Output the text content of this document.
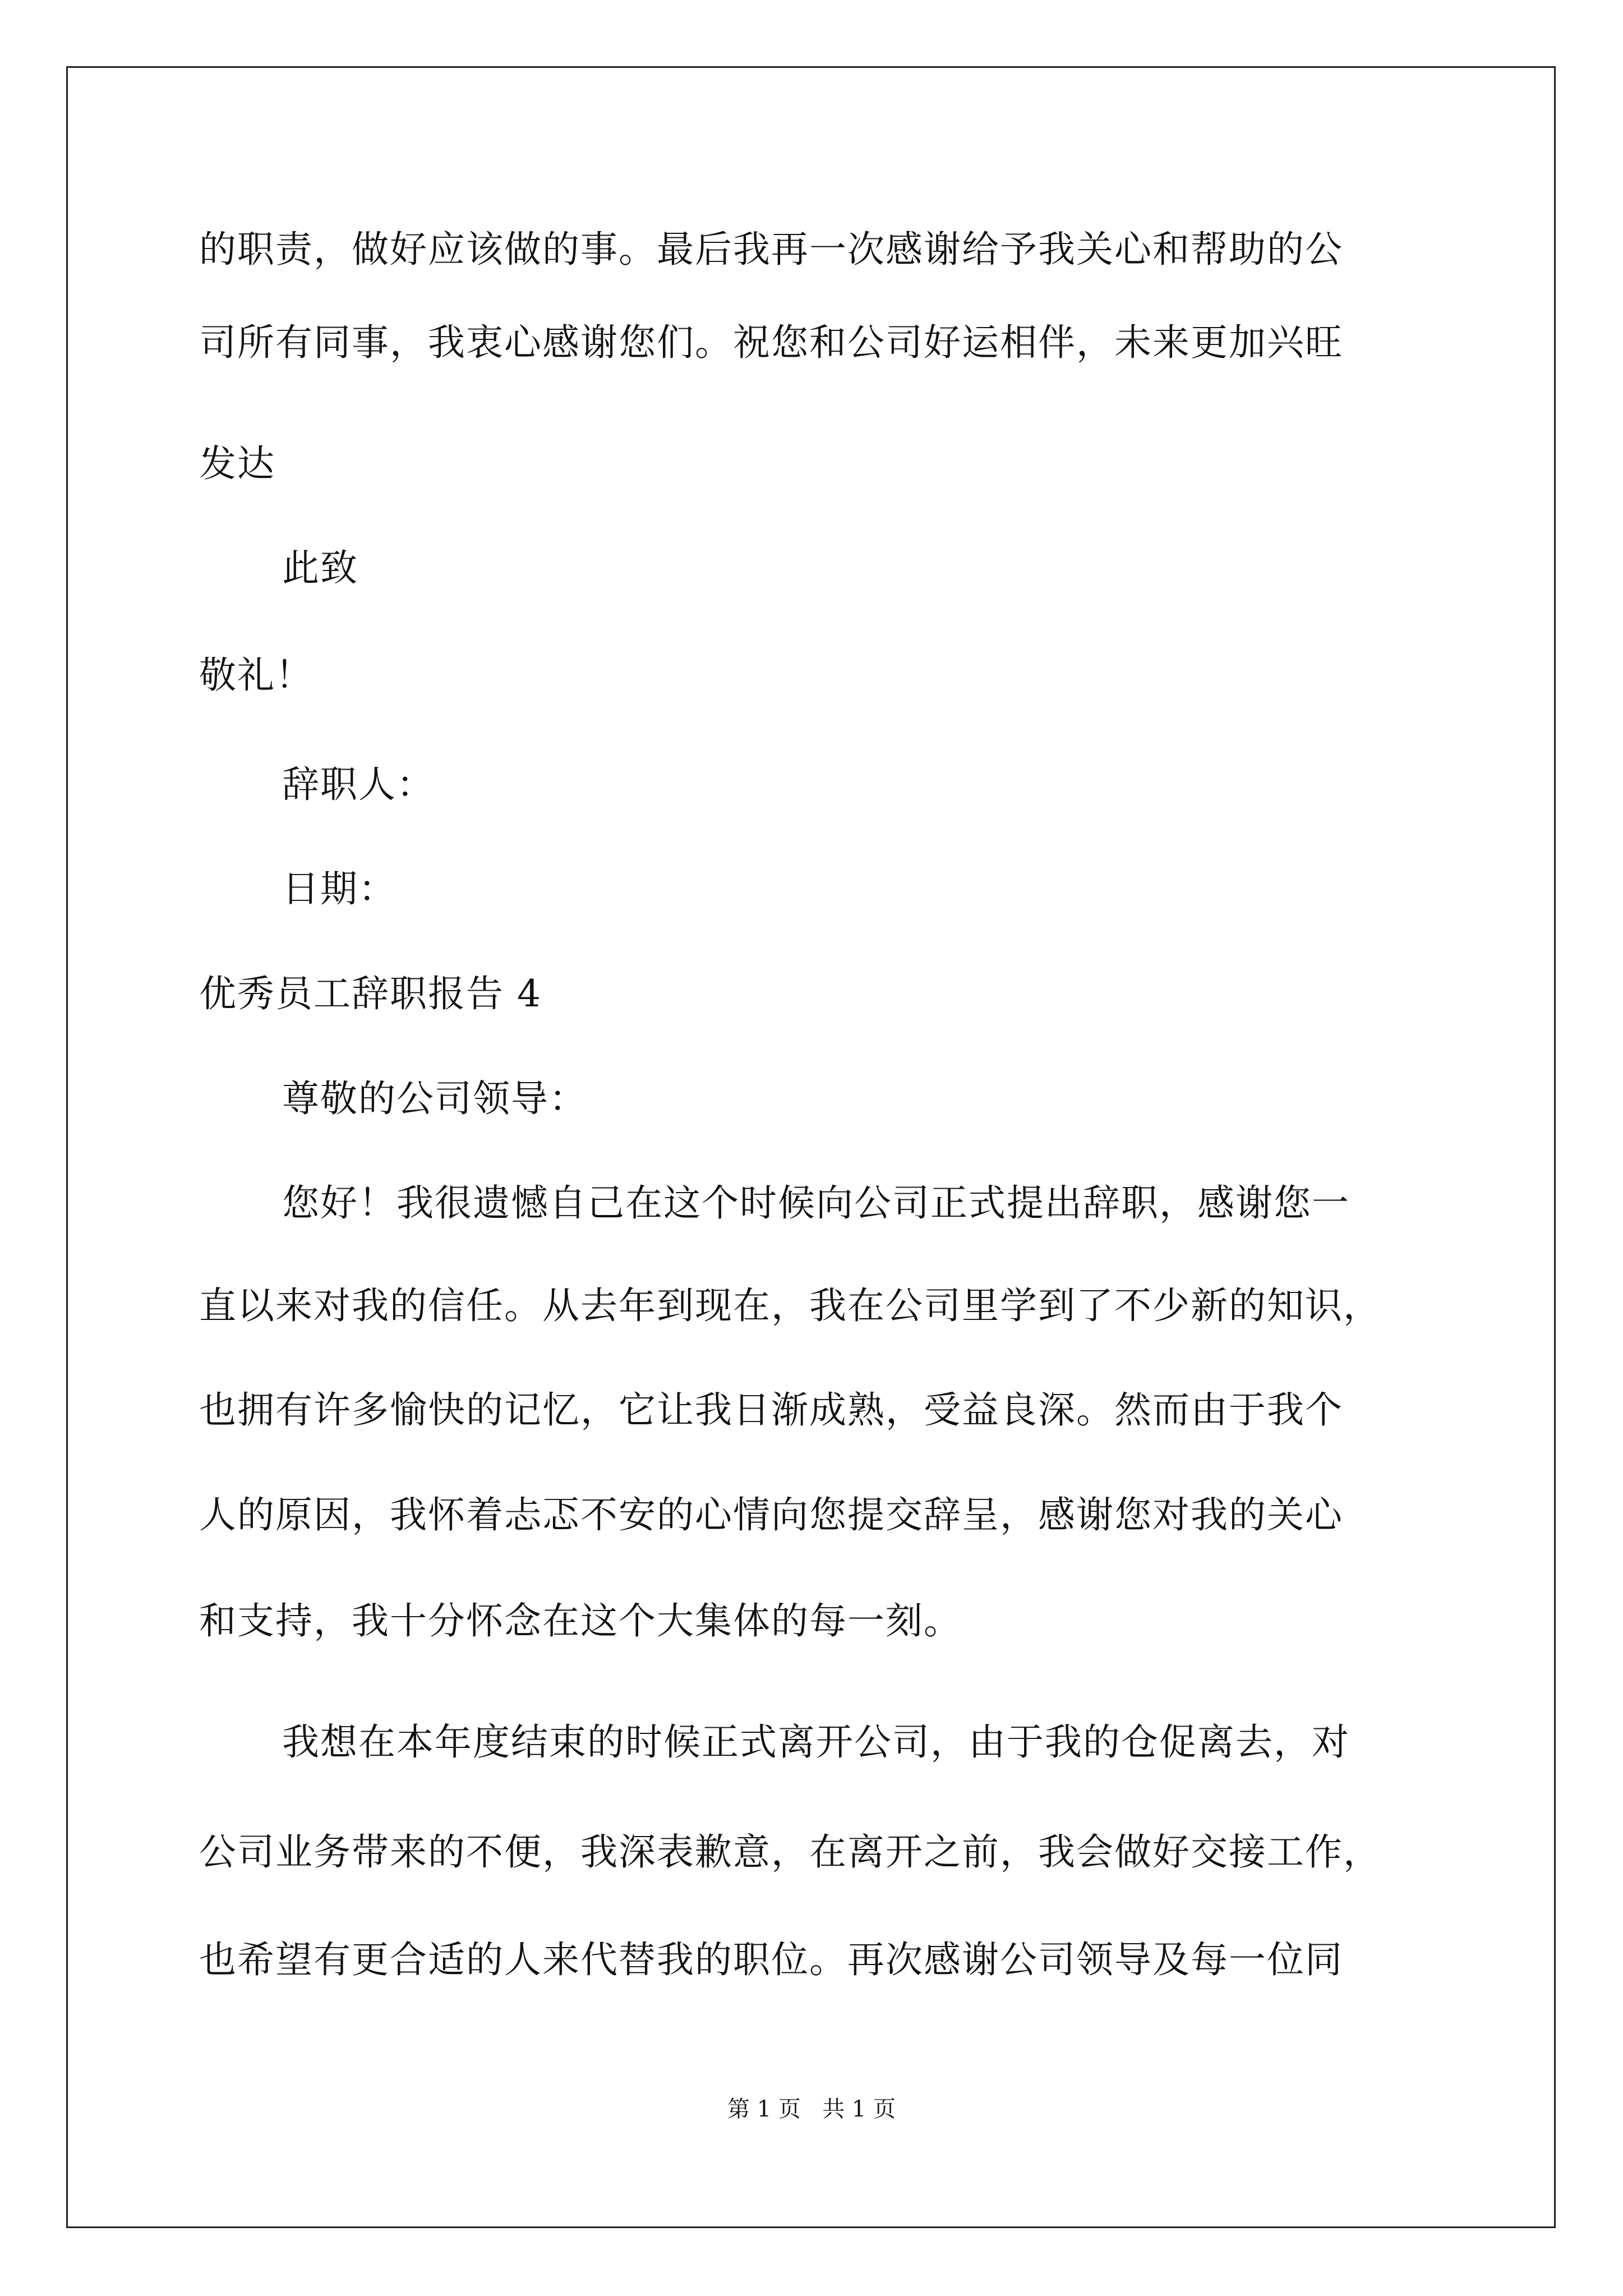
的职责，做好应该做的事。最后我再一次感谢给予我关心和帮助的公
司所有同事，我衷心感谢您们。祝您和公司好运相伴，未来更加兴旺
发达
此致
敬礼！
辞职人：
日期：
优秀员工辞职报告 4
尊敬的公司领导：
您好！我很遗憾自己在这个时候向公司正式提出辞职，感谢您一
直以来对我的信任。从去年到现在，我在公司里学到了不少新的知识，
也拥有许多愉快的记忆，它让我日渐成熟，受益良深。然而由于我个
人的原因，我怀着忐忑不安的心情向您提交辞呈，感谢您对我的关心
和支持，我十分怀念在这个大集体的每一刻。
我想在本年度结束的时候正式离开公司，由于我的仓促离去，对
公司业务带来的不便，我深表歉意，在离开之前，我会做好交接工作，
也希望有更合适的人来代替我的职位。再次感谢公司领导及每一位同
第 1 页   共 1 页
